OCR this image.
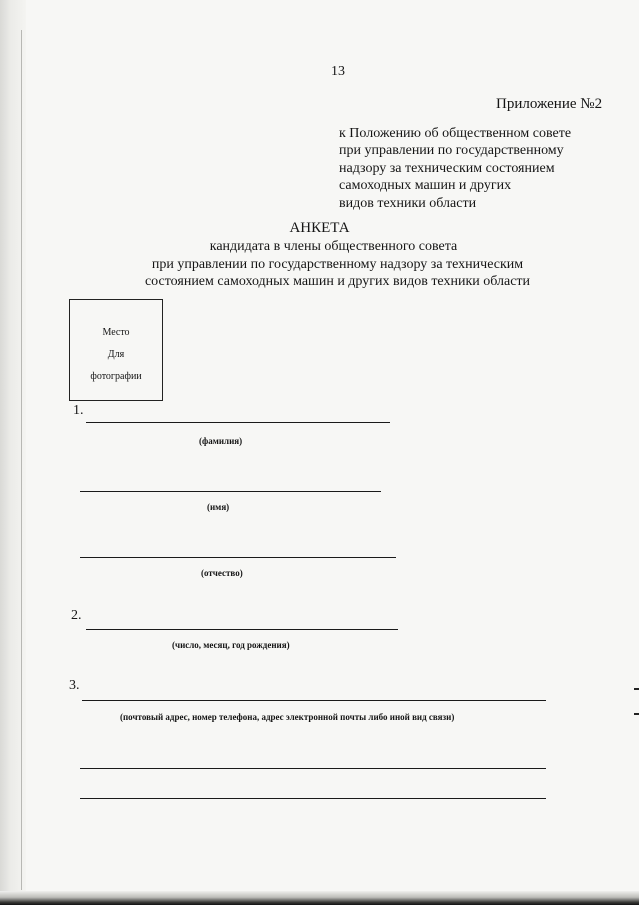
13
Приложение №2
к Положению об общественном совете
при управлении по государственному
надзору за техническим состоянием
самоходных машин и других
видов техники области
АНКЕТА
кандидата в члены общественного совета
при управлении по государственному надзору за техническим
состоянием самоходных машин и других видов техники области
Место
Для
фотографии
1.
(фамилия)
(имя)
(отчество)
2.
(число, месяц, год рождения)
3.
(почтовый адрес, номер телефона, адрес электронной почты либо иной вид связи)
